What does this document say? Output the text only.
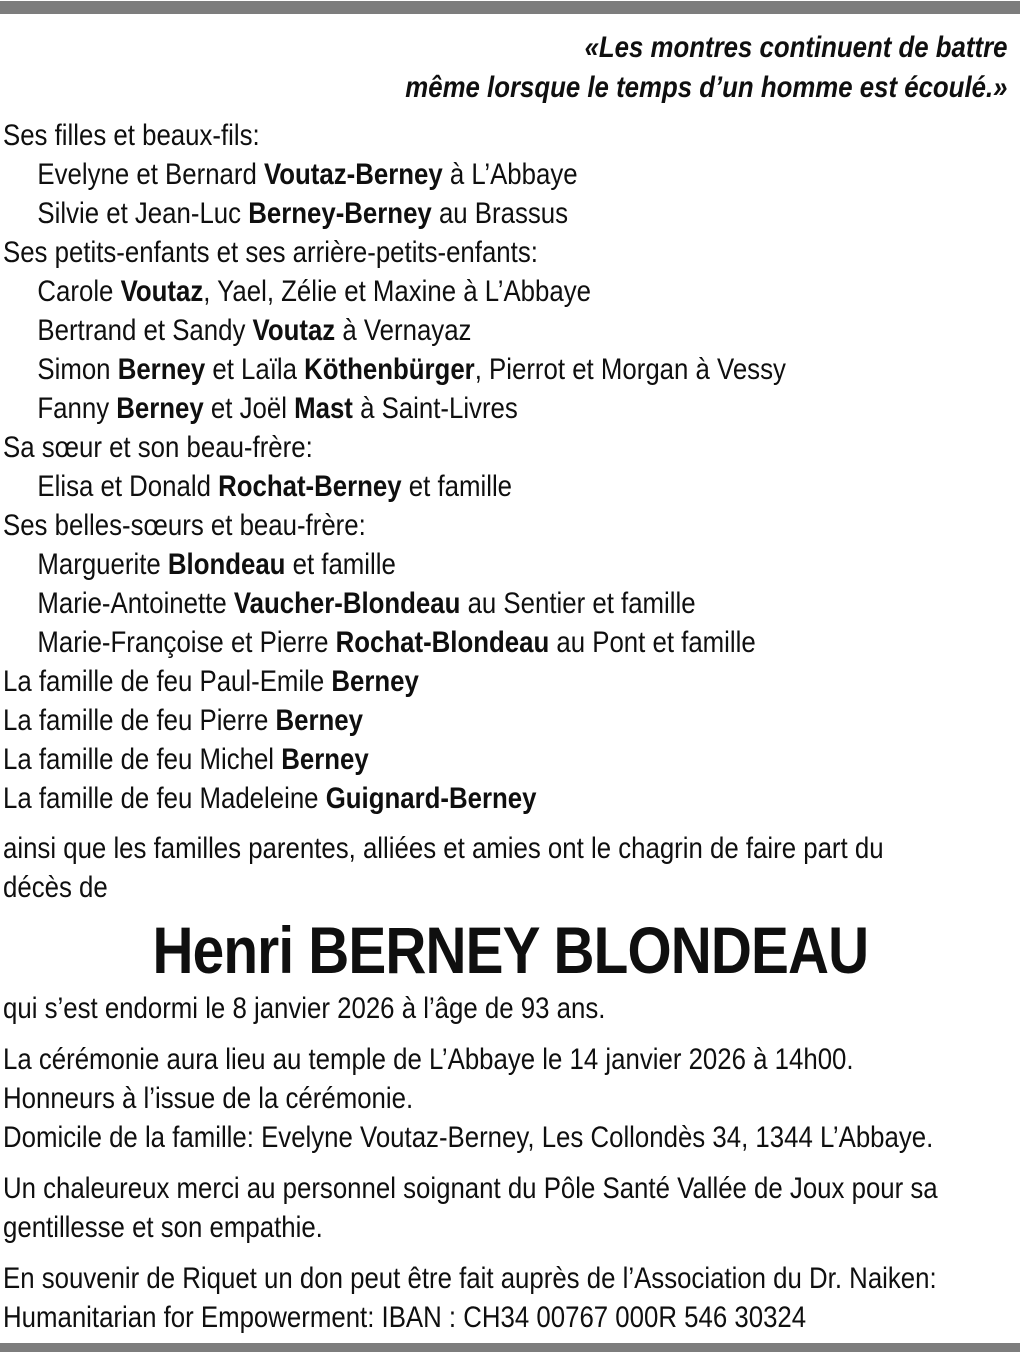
«Les montres continuent de battre
même lorsque le temps d’un homme est écoulé.»
Ses filles et beaux-fils:
Evelyne et Bernard Voutaz-Berney à L’Abbaye
Silvie et Jean-Luc Berney-Berney au Brassus
Ses petits-enfants et ses arrière-petits-enfants:
Carole Voutaz, Yael, Zélie et Maxine à L’Abbaye
Bertrand et Sandy Voutaz à Vernayaz
Simon Berney et Laïla Köthenbürger, Pierrot et Morgan à Vessy
Fanny Berney et Joël Mast à Saint-Livres
Sa sœur et son beau-frère:
Elisa et Donald Rochat-Berney et famille
Ses belles-sœurs et beau-frère:
Marguerite Blondeau et famille
Marie-Antoinette Vaucher-Blondeau au Sentier et famille
Marie-Françoise et Pierre Rochat-Blondeau au Pont et famille
La famille de feu Paul-Emile Berney
La famille de feu Pierre Berney
La famille de feu Michel Berney
La famille de feu Madeleine Guignard-Berney
ainsi que les familles parentes, alliées et amies ont le chagrin de faire part du
décès de
Henri BERNEY BLONDEAU
qui s’est endormi le 8 janvier 2026 à l’âge de 93 ans.
La cérémonie aura lieu au temple de L’Abbaye le 14 janvier 2026 à 14h00.
Honneurs à l’issue de la cérémonie.
Domicile de la famille: Evelyne Voutaz-Berney, Les Collondès 34, 1344 L’Abbaye.
Un chaleureux merci au personnel soignant du Pôle Santé Vallée de Joux pour sa
gentillesse et son empathie.
En souvenir de Riquet un don peut être fait auprès de l’Association du Dr. Naiken:
Humanitarian for Empowerment: IBAN : CH34 00767 000R 546 30324
